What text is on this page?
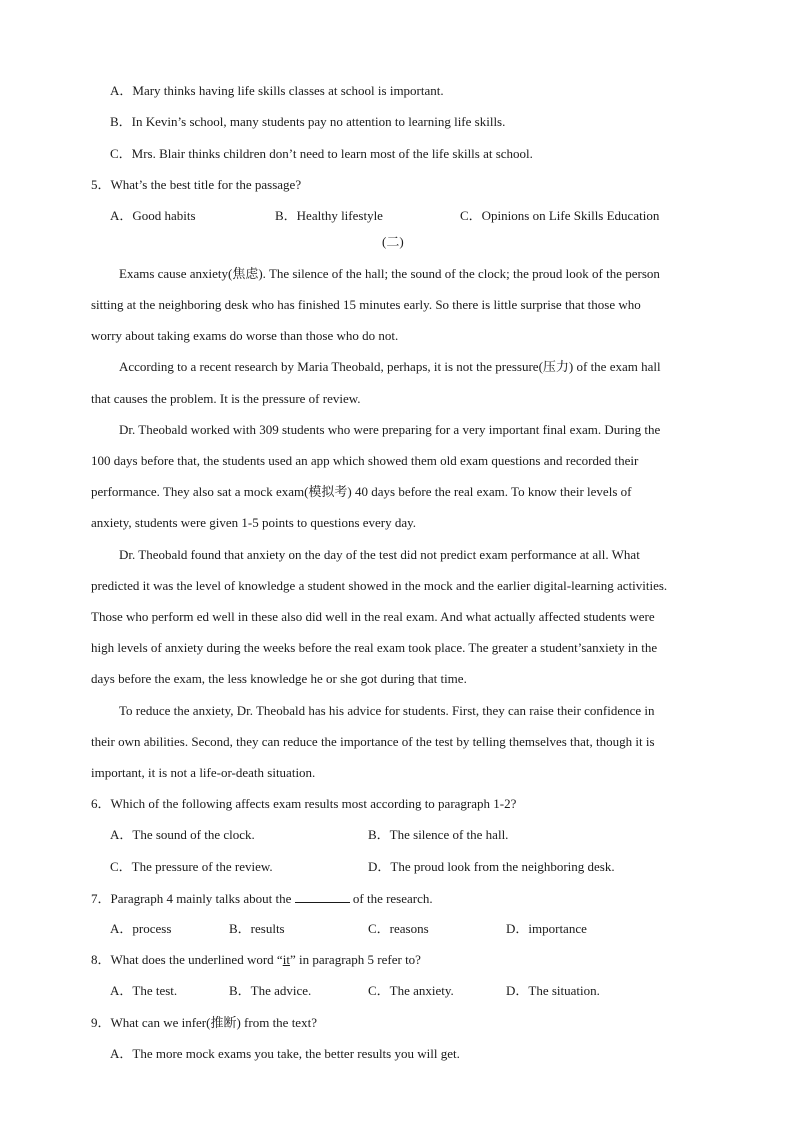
A．Mary thinks having life skills classes at school is important.
B．In Kevin’s school, many students pay no attention to learning life skills.
C．Mrs. Blair thinks children don’t need to learn most of the life skills at school.
5．What’s the best title for the passage?
A．Good habits	B．Healthy lifestyle	C．Opinions on Life Skills Education
(二)
Exams cause anxiety(焦虑). The silence of the hall; the sound of the clock; the proud look of the person
sitting at the neighboring desk who has finished 15 minutes early. So there is little surprise that those who
worry about taking exams do worse than those who do not.
According to a recent research by Maria Theobald, perhaps, it is not the pressure(压力) of the exam hall
that causes the problem. It is the pressure of review.
Dr. Theobald worked with 309 students who were preparing for a very important final exam. During the
100 days before that, the students used an app which showed them old exam questions and recorded their
performance. They also sat a mock exam(模拟考) 40 days before the real exam. To know their levels of
anxiety, students were given 1-5 points to questions every day.
Dr. Theobald found that anxiety on the day of the test did not predict exam performance at all. What
predicted it was the level of knowledge a student showed in the mock and the earlier digital-learning activities.
Those who perform ed well in these also did well in the real exam. And what actually affected students were
high levels of anxiety during the weeks before the real exam took place. The greater a student’sanxiety in the
days before the exam, the less knowledge he or she got during that time.
To reduce the anxiety, Dr. Theobald has his advice for students. First, they can raise their confidence in
their own abilities. Second, they can reduce the importance of the test by telling themselves that, though it is
important, it is not a life-or-death situation.
6．Which of the following affects exam results most according to paragraph 1-2?
A．The sound of the clock.	B．The silence of the hall.
C．The pressure of the review.	D．The proud look from the neighboring desk.
7．Paragraph 4 mainly talks about the	of the research.
A．process	B．results	C．reasons	D．importance
8．What does the underlined word “it” in paragraph 5 refer to?
A．The test.	B．The advice.	C．The anxiety.	D．The situation.
9．What can we infer(推断) from the text?
A．The more mock exams you take, the better results you will get.
